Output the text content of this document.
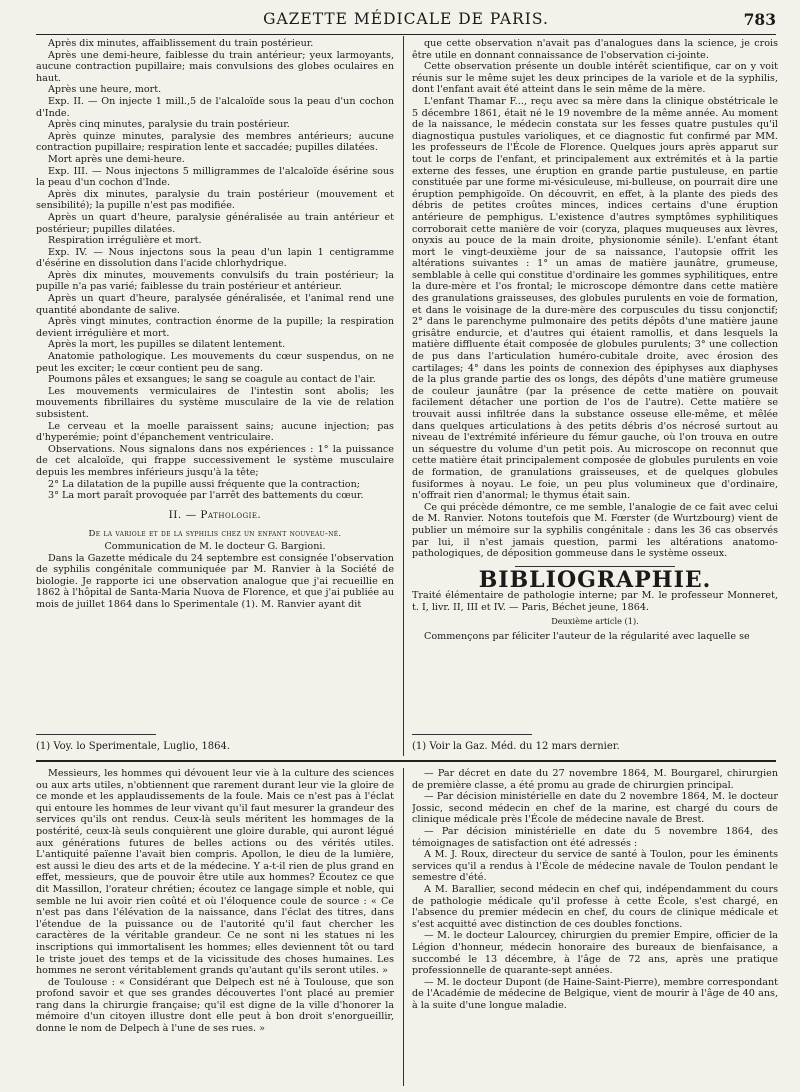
GAZETTE MÉDICALE DE PARIS.	783

Après dix minutes, affaiblissement du train postérieur.

Après une demi-heure, faiblesse du train antérieur; yeux larmoyants, aucune contraction pupillaire; mais convulsions des globes oculaires en haut.

Après une heure, mort.

Exp. II. — On injecte 1 mill.,5 de l'alcaloïde sous la peau d'un cochon d'Inde.

Après cinq minutes, paralysie du train postérieur.

Après quinze minutes, paralysie des membres antérieurs; aucune contraction pupillaire; respiration lente et saccadée; pupilles dilatées.

Mort après une demi-heure.

Exp. III. — Nous injectons 5 milligrammes de l'alcaloïde ésérine sous la peau d'un cochon d'Inde.

Après dix minutes, paralysie du train postérieur (mouvement et sensibilité); la pupille n'est pas modifiée.

Après un quart d'heure, paralysie généralisée au train antérieur et postérieur; pupilles dilatées.

Respiration irrégulière et mort.

Exp. IV. — Nous injectons sous la peau d'un lapin 1 centigramme d'ésérine en dissolution dans l'acide chlorhydrique.

Après dix minutes, mouvements convulsifs du train postérieur; la pupille n'a pas varié; faiblesse du train postérieur et antérieur.

Après un quart d'heure, paralysée généralisée, et l'animal rend une quantité abondante de salive.

Après vingt minutes, contraction énorme de la pupille; la respiration devient irrégulière et mort.

Après la mort, les pupilles se dilatent lentement.

Anatomie pathologique. Les mouvements du cœur suspendus, on ne peut les exciter; le cœur contient peu de sang.

Poumons pâles et exsangues; le sang se coagule au contact de l'air.

Les mouvements vermiculaires de l'intestin sont abolis; les mouvements fibrillaires du système musculaire de la vie de relation subsistent.

Le cerveau et la moelle paraissent sains; aucune injection; pas d'hyperémie; point d'épanchement ventriculaire.

Observations. Nous signalons dans nos expériences : 1° la puissance de cet alcaloïde, qui frappe successivement le système musculaire depuis les membres inférieurs jusqu'à la tête;

2° La dilatation de la pupille aussi fréquente que la contraction;

3° La mort paraît provoquée par l'arrêt des battements du cœur.

II. — Pathologie.
De la variole et de la syphilis chez un enfant nouveau-né.
Communication de M. le docteur G. Bargioni.

Dans la Gazette médicale du 24 septembre est consignée l'observation de syphilis congénitale communiquée par M. Ranvier à la Société de biologie. Je rapporte ici une observation analogue que j'ai recueillie en 1862 à l'hôpital de Santa-Maria Nuova de Florence, et que j'ai publiée au mois de juillet 1864 dans lo Sperimentale (1). M. Ranvier ayant dit

que cette observation n'avait pas d'analogues dans la science, je crois être utile en donnant connaissance de l'observation ci-jointe.

Cette observation présente un double intérêt scientifique, car on y voit réunis sur le même sujet les deux principes de la variole et de la syphilis, dont l'enfant avait été atteint dans le sein même de la mère.

L'enfant Thamar F..., reçu avec sa mère dans la clinique obstétricale le 5 décembre 1861, était né le 19 novembre de la même année. Au moment de la naissance, le médecin constata sur les fesses quatre pustules qu'il diagnostiqua pustules varioliques, et ce diagnostic fut confirmé par MM. les professeurs de l'École de Florence. Quelques jours après apparut sur tout le corps de l'enfant, et principalement aux extrémités et à la partie externe des fesses, une éruption en grande partie pustuleuse, en partie constituée par une forme mi-vésiculeuse, mi-bulleuse, on pourrait dire une éruption pemphigoïde. On découvrit, en effet, à la plante des pieds des débris de petites croûtes minces, indices certains d'une éruption antérieure de pemphigus. L'existence d'autres symptômes syphilitiques corroborait cette manière de voir (coryza, plaques muqueuses aux lèvres, onyxis au pouce de la main droite, physionomie sénile). L'enfant étant mort le vingt-deuxième jour de sa naissance, l'autopsie offrit les altérations suivantes : 1° un amas de matière jaunâtre, grumeuse, semblable à celle qui constitue d'ordinaire les gommes syphilitiques, entre la dure-mère et l'os frontal; le microscope démontre dans cette matière des granulations graisseuses, des globules purulents en voie de formation, et dans le voisinage de la dure-mère des corpuscules du tissu conjonctif; 2° dans le parenchyme pulmonaire des petits dépôts d'une matière jaune grisâtre endurcie, et d'autres qui étaient ramollis, et dans lesquels la matière diffluente était composée de globules purulents; 3° une collection de pus dans l'articulation huméro-cubitale droite, avec érosion des cartilages; 4° dans les points de connexion des épiphyses aux diaphyses de la plus grande partie des os longs, des dépôts d'une matière grumeuse de couleur jaunâtre (par la présence de cette matière on pouvait facilement détacher une portion de l'os de l'autre). Cette matière se trouvait aussi infiltrée dans la substance osseuse elle-même, et mêlée dans quelques articulations à des petits débris d'os nécrosé surtout au niveau de l'extrémité inférieure du fémur gauche, où l'on trouva en outre un séquestre du volume d'un petit pois. Au microscope on reconnut que cette matière était principalement composée de globules purulents en voie de formation, de granulations graisseuses, et de quelques globules fusiformes à noyau. Le foie, un peu plus volumineux que d'ordinaire, n'offrait rien d'anormal; le thymus était sain.

Ce qui précède démontre, ce me semble, l'analogie de ce fait avec celui de M. Ranvier. Notons toutefois que M. Fœrster (de Wurtzbourg) vient de publier un mémoire sur la syphilis congénitale : dans les 36 cas observés par lui, il n'est jamais question, parmi les altérations anatomo-pathologiques, de déposition gommeuse dans le système osseux.

BIBLIOGRAPHIE.
Traité élémentaire de pathologie interne; par M. le professeur Monneret, t. I, livr. II, III et IV. — Paris, Béchet jeune, 1864.
Deuxième article (1).
Commençons par féliciter l'auteur de la régularité avec laquelle se
(1) Voy. lo Sperimentale, Luglio, 1864.	(1) Voir la Gaz. Méd. du 12 mars dernier.

Messieurs, les hommes qui dévouent leur vie à la culture des sciences ou aux arts utiles, n'obtiennent que rarement durant leur vie la gloire de ce monde et les applaudissements de la foule. Mais ce n'est pas à l'éclat qui entoure les hommes de leur vivant qu'il faut mesurer la grandeur des services qu'ils ont rendus. Ceux-là seuls méritent les hommages de la postérité, ceux-là seuls conquièrent une gloire durable, qui auront légué aux générations futures de belles actions ou des vérités utiles. L'antiquité païenne l'avait bien compris. Apollon, le dieu de la lumière, est aussi le dieu des arts et de la médecine. Y a-t-il rien de plus grand en effet, messieurs, que de pouvoir être utile aux hommes? Écoutez ce que dit Massillon, l'orateur chrétien; écoutez ce langage simple et noble, qui semble ne lui avoir rien coûté et où l'éloquence coule de source : « Ce n'est pas dans l'élévation de la naissance, dans l'éclat des titres, dans l'étendue de la puissance ou de l'autorité qu'il faut chercher les caractères de la véritable grandeur. Ce ne sont ni les statues ni les inscriptions qui immortalisent les hommes; elles deviennent tôt ou tard le triste jouet des temps et de la vicissitude des choses humaines. Les hommes ne seront véritablement grands qu'autant qu'ils seront utiles. »

de Toulouse : « Considérant que Delpech est né à Toulouse, que son profond savoir et que ses grandes découvertes l'ont placé au premier rang dans la chirurgie française; qu'il est digne de la ville d'honorer la mémoire d'un citoyen illustre dont elle peut à bon droit s'enorgueillir, donne le nom de Delpech à l'une de ses rues. »

— Par décret en date du 27 novembre 1864, M. Bourgarel, chirurgien de première classe, a été promu au grade de chirurgien principal.

— Par décision ministérielle en date du 2 novembre 1864, M. le docteur Jossic, second médecin en chef de la marine, est chargé du cours de clinique médicale près l'École de médecine navale de Brest.

— Par décision ministérielle en date du 5 novembre 1864, des témoignages de satisfaction ont été adressés :

A M. J. Roux, directeur du service de santé à Toulon, pour les éminents services qu'il a rendus à l'École de médecine navale de Toulon pendant le semestre d'été.

A M. Barallier, second médecin en chef qui, indépendamment du cours de pathologie médicale qu'il professe à cette École, s'est chargé, en l'absence du premier médecin en chef, du cours de clinique médicale et s'est acquitté avec distinction de ces doubles fonctions.

— M. le docteur Lalourcey, chirurgien du premier Empire, officier de la Légion d'honneur, médecin honoraire des bureaux de bienfaisance, a succombé le 13 décembre, à l'âge de 72 ans, après une pratique professionnelle de quarante-sept années.

— M. le docteur Dupont (de Haine-Saint-Pierre), membre correspondant de l'Académie de médecine de Belgique, vient de mourir à l'âge de 40 ans, à la suite d'une longue maladie.
